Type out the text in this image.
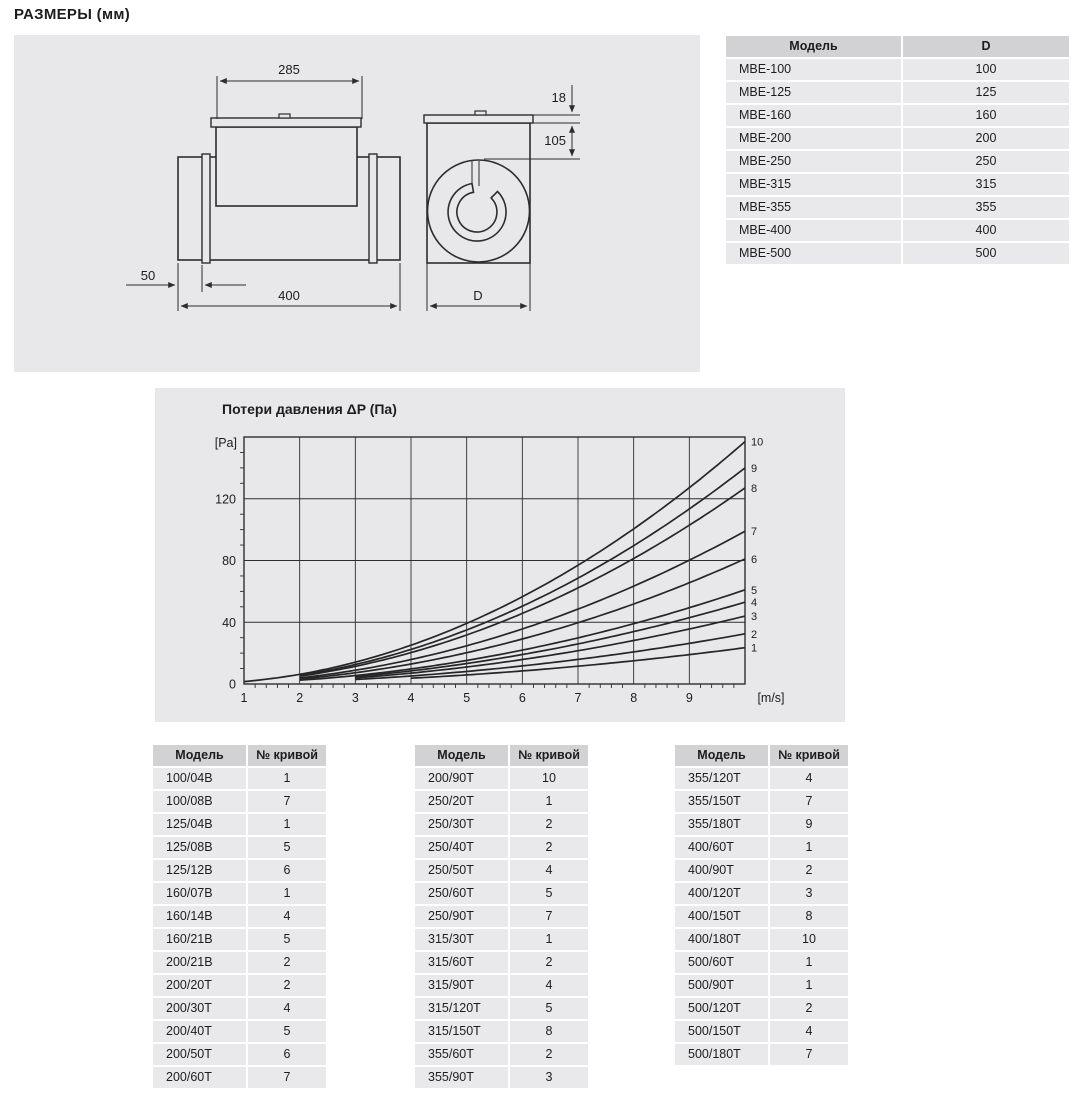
РАЗМЕРЫ (мм)
285
50
400
18
105
D
Модель	D
МВЕ-100	100
МВЕ-125	125
МВЕ-160	160
МВЕ-200	200
МВЕ-250	250
МВЕ-315	315
МВЕ-355	355
МВЕ-400	400
МВЕ-500	500
Потери давления ΔP (Па)
0
40
80
120
[Pa]
1	2	3	4	5	6	7	8	9	[m/s]
1
2
3
4
5
6
7
8
9
10
Модель	№ кривой
100/04B	1
100/08B	7
125/04B	1
125/08B	5
125/12B	6
160/07B	1
160/14B	4
160/21B	5
200/21B	2
200/20T	2
200/30T	4
200/40T	5
200/50T	6
200/60T	7
Модель	№ кривой
200/90T	10
250/20T	1
250/30T	2
250/40T	2
250/50T	4
250/60T	5
250/90T	7
315/30T	1
315/60T	2
315/90T	4
315/120T	5
315/150T	8
355/60T	2
355/90T	3
Модель	№ кривой
355/120T	4
355/150T	7
355/180T	9
400/60T	1
400/90T	2
400/120T	3
400/150T	8
400/180T	10
500/60T	1
500/90T	1
500/120T	2
500/150T	4
500/180T	7
